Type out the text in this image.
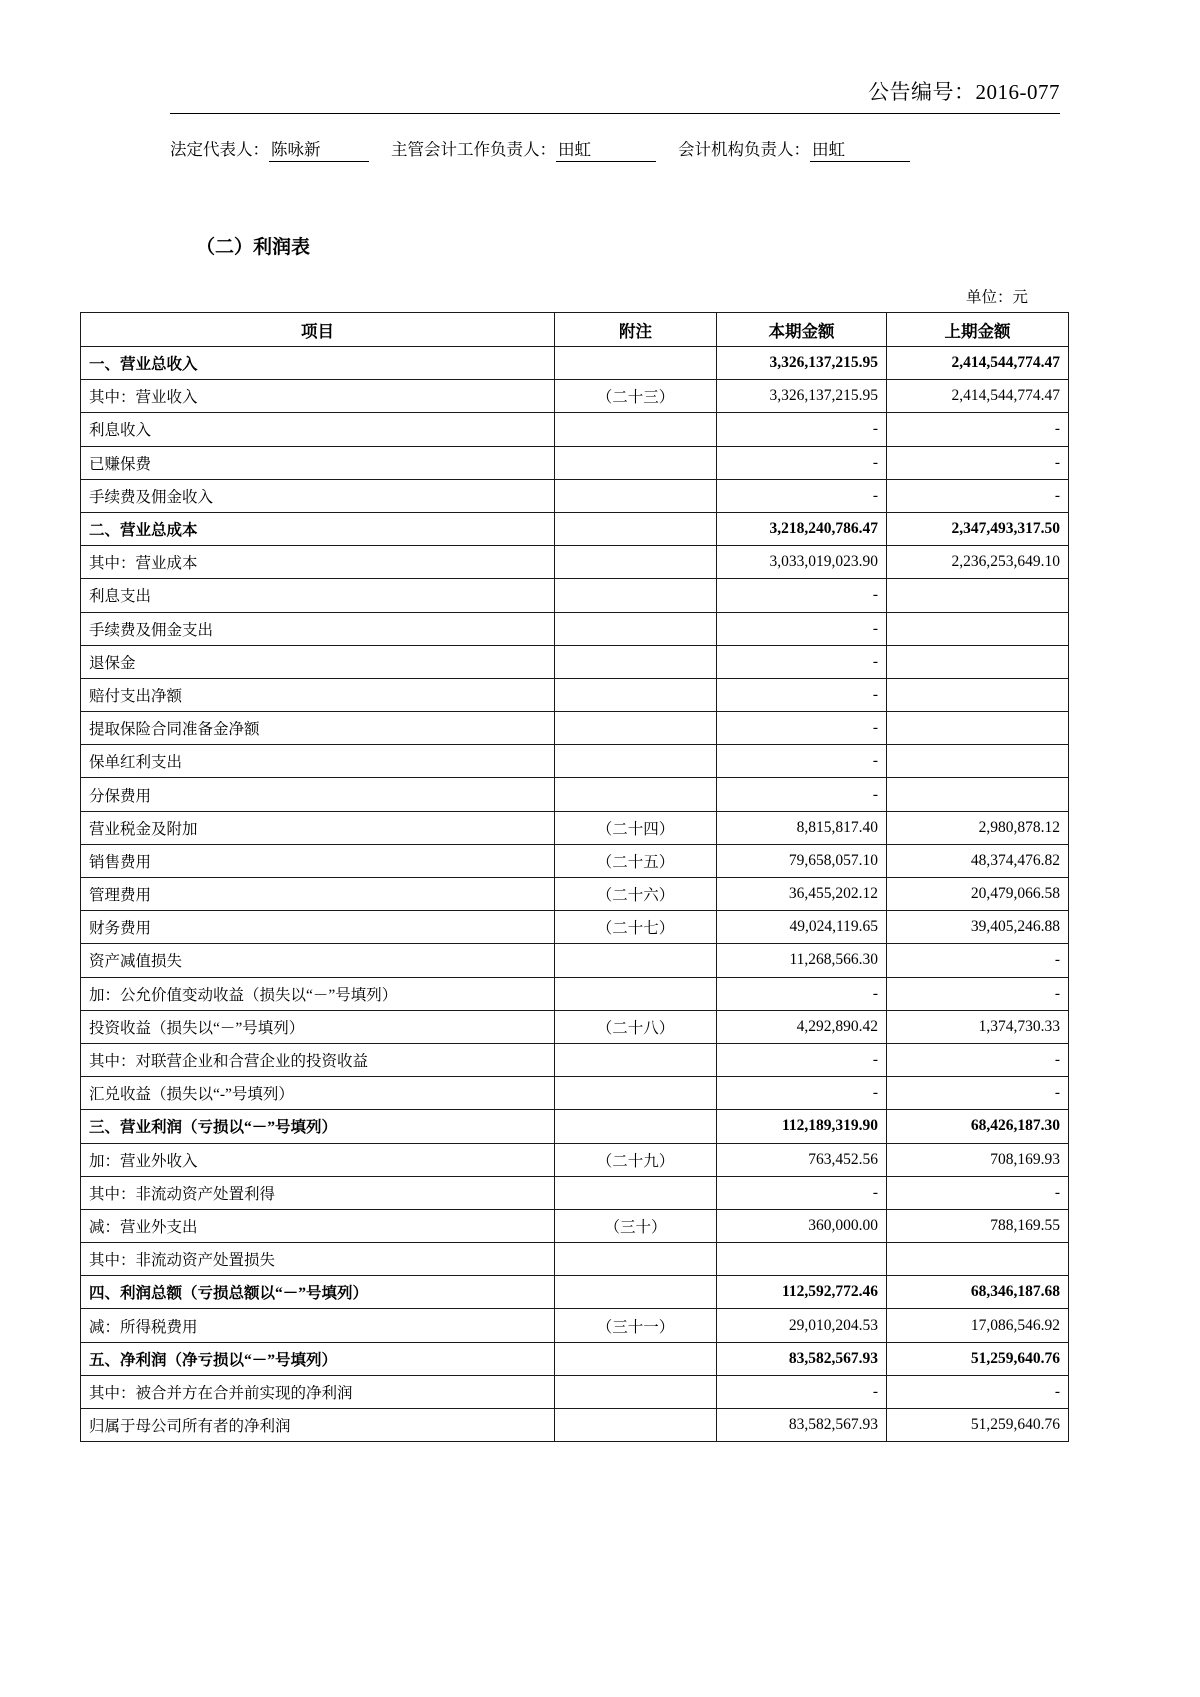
公告编号：2016-077
法定代表人： 陈咏新	主管会计工作负责人： 田虹	会计机构负责人： 田虹
（二）利润表
单位：元
项目	附注	本期金额	上期金额
一、营业总收入		3,326,137,215.95	2,414,544,774.47
其中：营业收入	（二十三）	3,326,137,215.95	2,414,544,774.47
利息收入		-	-
已赚保费		-	-
手续费及佣金收入		-	-
二、营业总成本		3,218,240,786.47	2,347,493,317.50
其中：营业成本		3,033,019,023.90	2,236,253,649.10
利息支出		-	
手续费及佣金支出		-	
退保金		-	
赔付支出净额		-	
提取保险合同准备金净额		-	
保单红利支出		-	
分保费用		-	
营业税金及附加	（二十四）	8,815,817.40	2,980,878.12
销售费用	（二十五）	79,658,057.10	48,374,476.82
管理费用	（二十六）	36,455,202.12	20,479,066.58
财务费用	（二十七）	49,024,119.65	39,405,246.88
资产减值损失		11,268,566.30	-
加：公允价值变动收益（损失以“－”号填列）		-	-
投资收益（损失以“－”号填列）	（二十八）	4,292,890.42	1,374,730.33
其中：对联营企业和合营企业的投资收益		-	-
汇兑收益（损失以“-”号填列）		-	-
三、营业利润（亏损以“－”号填列）		112,189,319.90	68,426,187.30
加：营业外收入	（二十九）	763,452.56	708,169.93
其中：非流动资产处置利得		-	-
减：营业外支出	（三十）	360,000.00	788,169.55
其中：非流动资产处置损失			
四、利润总额（亏损总额以“－”号填列）		112,592,772.46	68,346,187.68
减：所得税费用	（三十一）	29,010,204.53	17,086,546.92
五、净利润（净亏损以“－”号填列）		83,582,567.93	51,259,640.76
其中：被合并方在合并前实现的净利润		-	-
归属于母公司所有者的净利润		83,582,567.93	51,259,640.76
